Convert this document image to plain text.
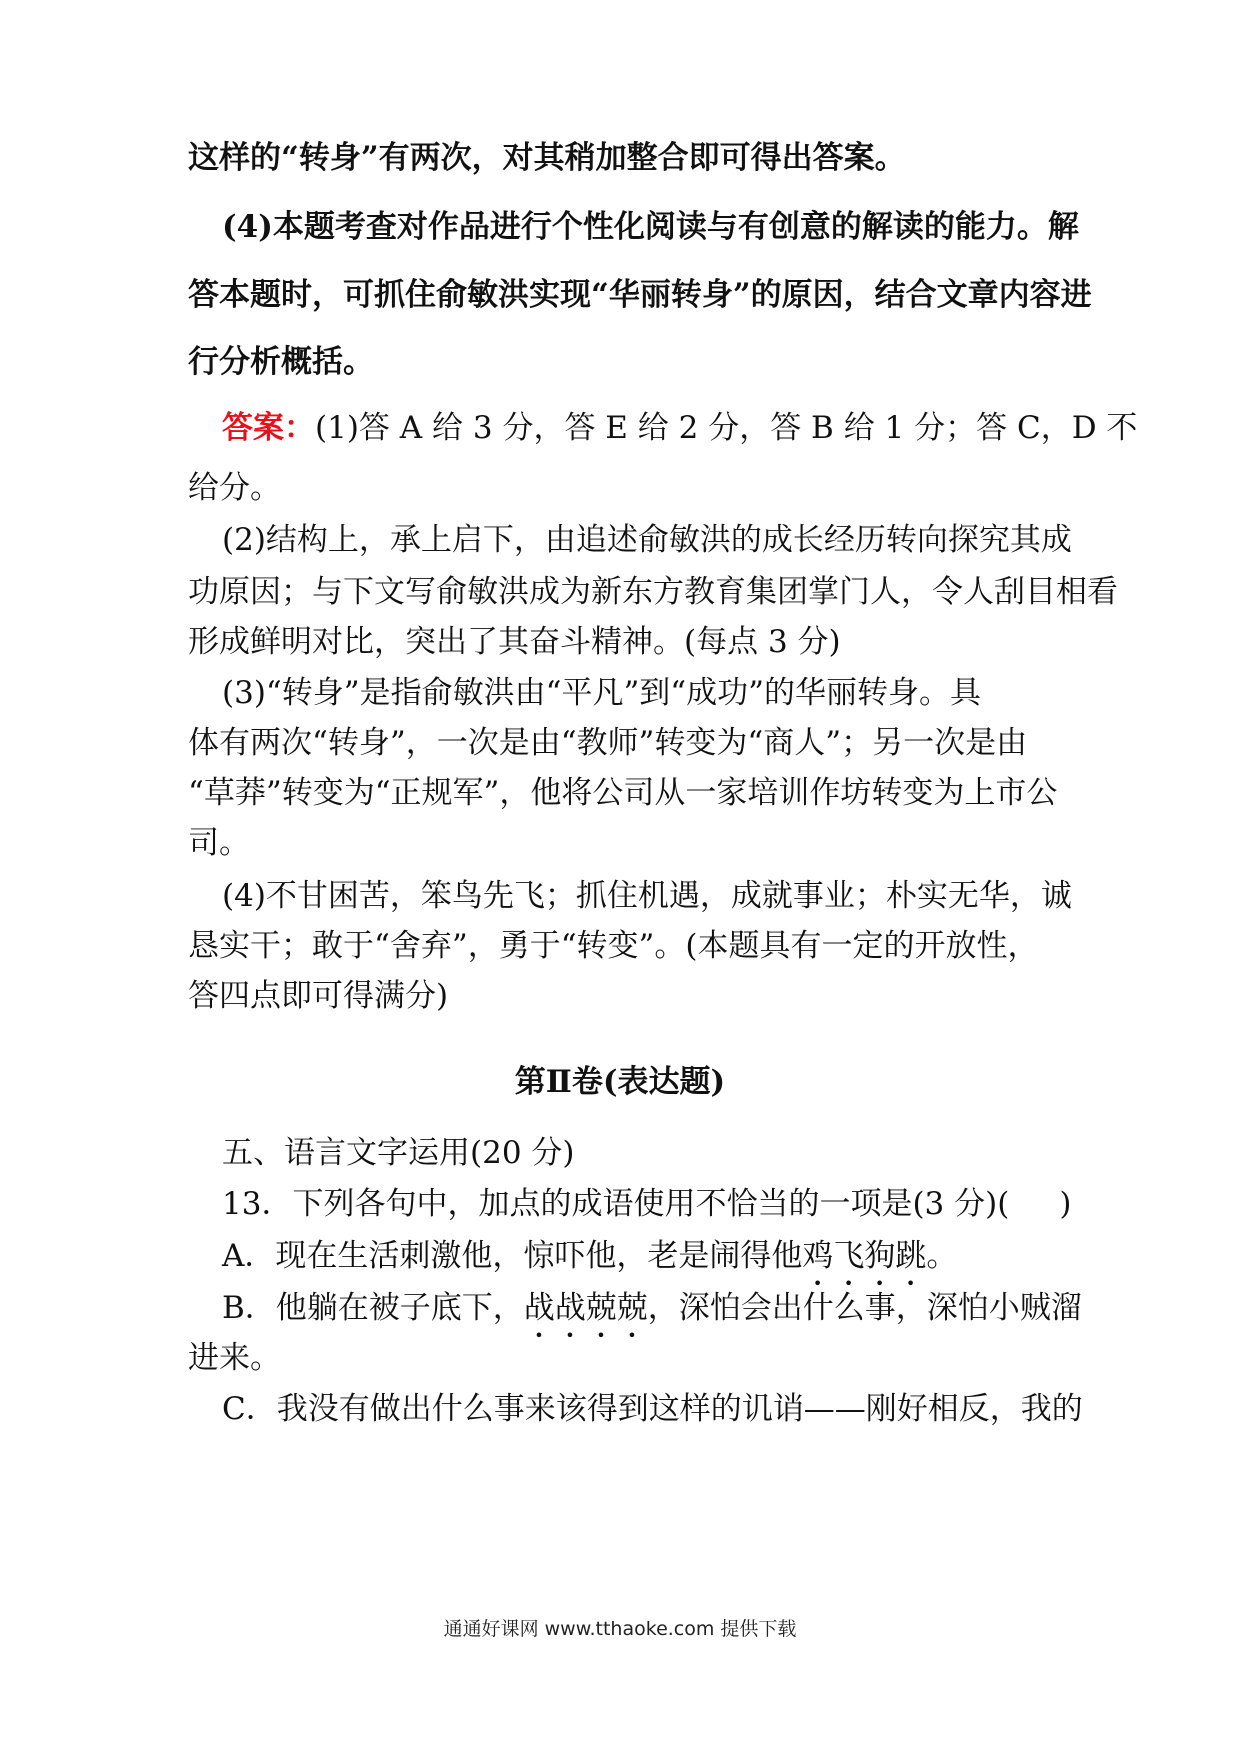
这样的“转身”有两次，对其稍加整合即可得出答案。
(4)本题考查对作品进行个性化阅读与有创意的解读的能力。解
答本题时，可抓住俞敏洪实现“华丽转身”的原因，结合文章内容进
行分析概括。
答案：(1)答 A 给 3 分，答 E 给 2 分，答 B 给 1 分；答 C，D 不
给分。
(2)结构上，承上启下，由追述俞敏洪的成长经历转向探究其成
功原因；与下文写俞敏洪成为新东方教育集团掌门人，令人刮目相看
形成鲜明对比，突出了其奋斗精神。(每点 3 分)
(3)“转身”是指俞敏洪由“平凡”到“成功”的华丽转身。具
体有两次“转身”，一次是由“教师”转变为“商人”；另一次是由
“草莽”转变为“正规军”，他将公司从一家培训作坊转变为上市公
司。
(4)不甘困苦，笨鸟先飞；抓住机遇，成就事业；朴实无华，诚
恳实干；敢于“舍弃”，勇于“转变”。(本题具有一定的开放性，
答四点即可得满分)
第Ⅱ卷(表达题)
五、语言文字运用(20 分)
13．下列各句中，加点的成语使用不恰当的一项是(3 分)( )
A．现在生活刺激他，惊吓他，老是闹得他鸡飞狗跳。
B．他躺在被子底下，战战兢兢，深怕会出什么事，深怕小贼溜
进来。
C．我没有做出什么事来该得到这样的讥诮——刚好相反，我的
通通好课网 www.tthaoke.com 提供下载
